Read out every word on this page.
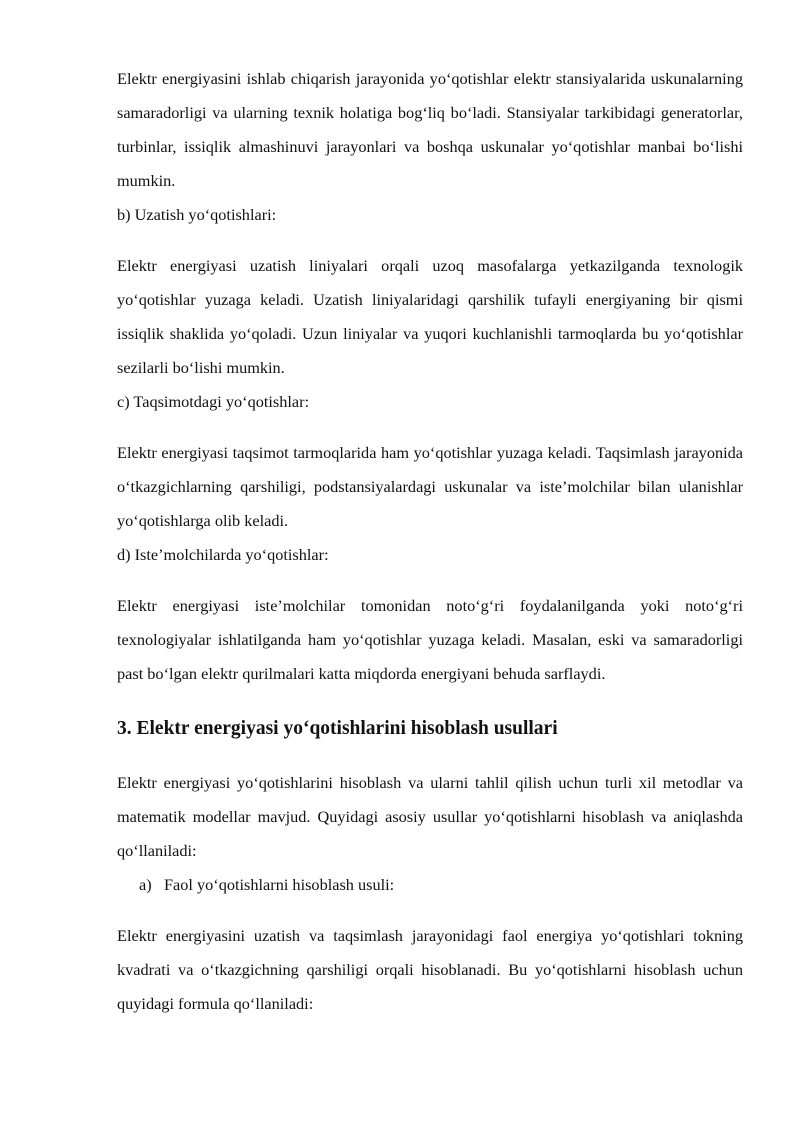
Elektr energiyasini ishlab chiqarish jarayonida yo‘qotishlar elektr stansiyalarida uskunalarning samaradorligi va ularning texnik holatiga bog‘liq bo‘ladi. Stansiyalar tarkibidagi generatorlar, turbinlar, issiqlik almashinuvi jarayonlari va boshqa uskunalar yo‘qotishlar manbai bo‘lishi mumkin.

b) Uzatish yo‘qotishlari:

Elektr energiyasi uzatish liniyalari orqali uzoq masofalarga yetkazilganda texnologik yo‘qotishlar yuzaga keladi. Uzatish liniyalaridagi qarshilik tufayli energiyaning bir qismi issiqlik shaklida yo‘qoladi. Uzun liniyalar va yuqori kuchlanishli tarmoqlarda bu yo‘qotishlar sezilarli bo‘lishi mumkin.

c) Taqsimotdagi yo‘qotishlar:

Elektr energiyasi taqsimot tarmoqlarida ham yo‘qotishlar yuzaga keladi. Taqsimlash jarayonida o‘tkazgichlarning qarshiligi, podstansiyalardagi uskunalar va iste’molchilar bilan ulanishlar yo‘qotishlarga olib keladi.

d) Iste’molchilarda yo‘qotishlar:

Elektr energiyasi iste’molchilar tomonidan noto‘g‘ri foydalanilganda yoki noto‘g‘ri texnologiyalar ishlatilganda ham yo‘qotishlar yuzaga keladi. Masalan, eski va samaradorligi past bo‘lgan elektr qurilmalari katta miqdorda energiyani behuda sarflaydi.

3. Elektr energiyasi yo‘qotishlarini hisoblash usullari

Elektr energiyasi yo‘qotishlarini hisoblash va ularni tahlil qilish uchun turli xil metodlar va matematik modellar mavjud. Quyidagi asosiy usullar yo‘qotishlarni hisoblash va aniqlashda qo‘llaniladi:

a) Faol yo‘qotishlarni hisoblash usuli:

Elektr energiyasini uzatish va taqsimlash jarayonidagi faol energiya yo‘qotishlari tokning kvadrati va o‘tkazgichning qarshiligi orqali hisoblanadi. Bu yo‘qotishlarni hisoblash uchun quyidagi formula qo‘llaniladi:
